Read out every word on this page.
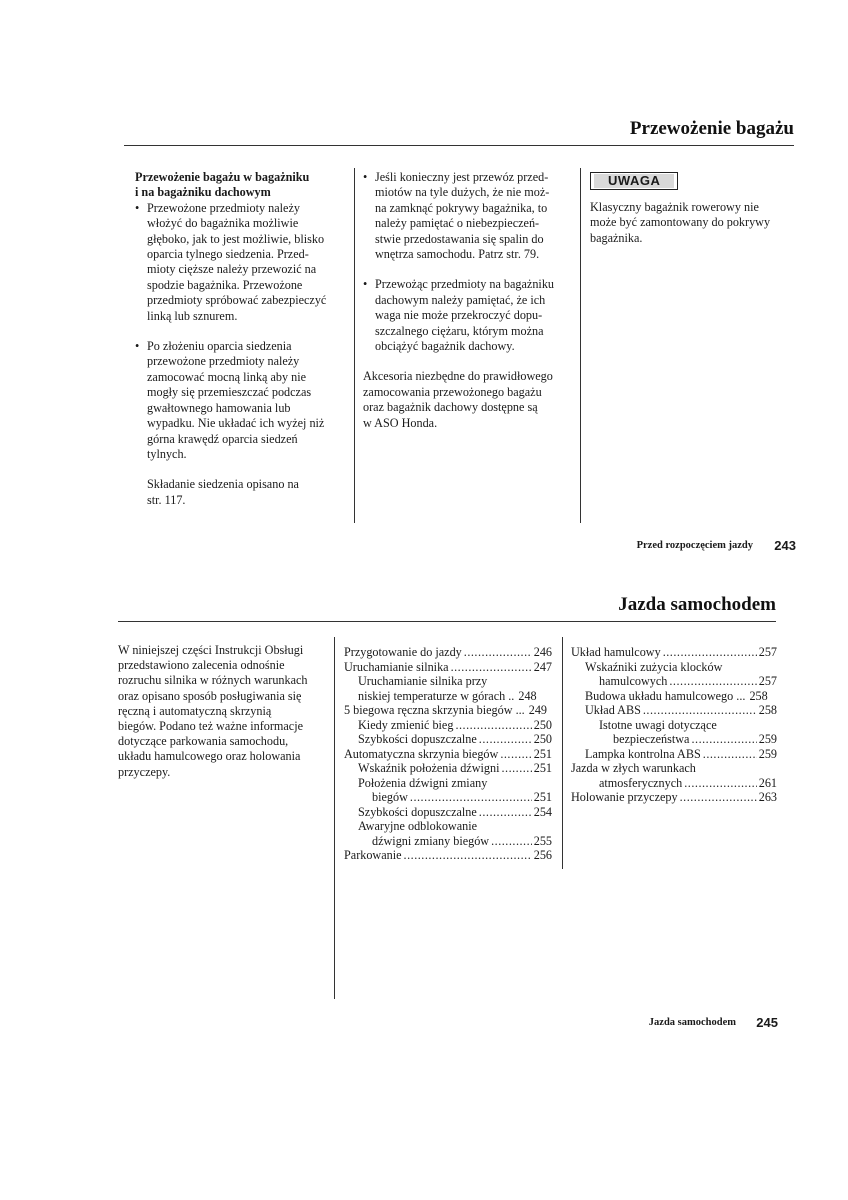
Przewożenie bagażu

Przewożenie bagażu w bagażniku

i na bagażniku dachowym

• Przewożone przedmioty należy

włożyć do bagażnika możliwie

głęboko, jak to jest możliwie, blisko

oparcia tylnego siedzenia. Przed-

mioty cięższe należy przewozić na

spodzie bagażnika. Przewożone

przedmioty spróbować zabezpieczyć

linką lub sznurem.

• Po złożeniu oparcia siedzenia

przewożone przedmioty należy

zamocować mocną linką aby nie

mogły się przemieszczać podczas

gwałtownego hamowania lub

wypadku. Nie układać ich wyżej niż

górna krawędź oparcia siedzeń

tylnych.

Składanie siedzenia opisano na

str. 117.

• Jeśli konieczny jest przewóz przed-

miotów na tyle dużych, że nie moż-

na zamknąć pokrywy bagażnika, to

należy pamiętać o niebezpieczeń-

stwie przedostawania się spalin do

wnętrza samochodu. Patrz str. 79.

• Przewożąc przedmioty na bagażniku

dachowym należy pamiętać, że ich

waga nie może przekroczyć dopu-

szczalnego ciężaru, którym można

obciążyć bagażnik dachowy.

Akcesoria niezbędne do prawidłowego

zamocowania przewożonego bagażu

oraz bagażnik dachowy dostępne są

w ASO Honda.

UWAGA

Klasyczny bagażnik rowerowy nie

może być zamontowany do pokrywy

bagażnika.

Przed rozpoczęciem jazdy 243
Jazda samochodem

W niniejszej części Instrukcji Obsługi

przedstawiono zalecenia odnośnie

rozruchu silnika w różnych warunkach

oraz opisano sposób posługiwania się

ręczną i automatyczną skrzynią

biegów. Podano też ważne informacje

dotyczące parkowania samochodu,

układu hamulcowego oraz holowania

przyczepy.

Przygotowanie do jazdy .....	246
Uruchamianie silnika .....	247
Uruchamianie silnika przy
niskiej temperaturze w górach .. 248
5 biegowa ręczna skrzynia biegów ... 249
Kiedy zmienić bieg .....	250
Szybkości dopuszczalne .....	250
Automatyczna skrzynia biegów .....	251
Wskaźnik położenia dźwigni .....	251
Położenia dźwigni zmiany
biegów .....	251
Szybkości dopuszczalne .....	254
Awaryjne odblokowanie
dźwigni zmiany biegów .....	255
Parkowanie .....	256
Układ hamulcowy .....	257
Wskaźniki zużycia klocków
hamulcowych .....	257
Budowa układu hamulcowego ... 258
Układ ABS .....	258
Istotne uwagi dotyczące
bezpieczeństwa .....	259
Lampka kontrolna ABS .....	259
Jazda w złych warunkach
atmosferycznych .....	261
Holowanie przyczepy .....	263
Jazda samochodem 245
